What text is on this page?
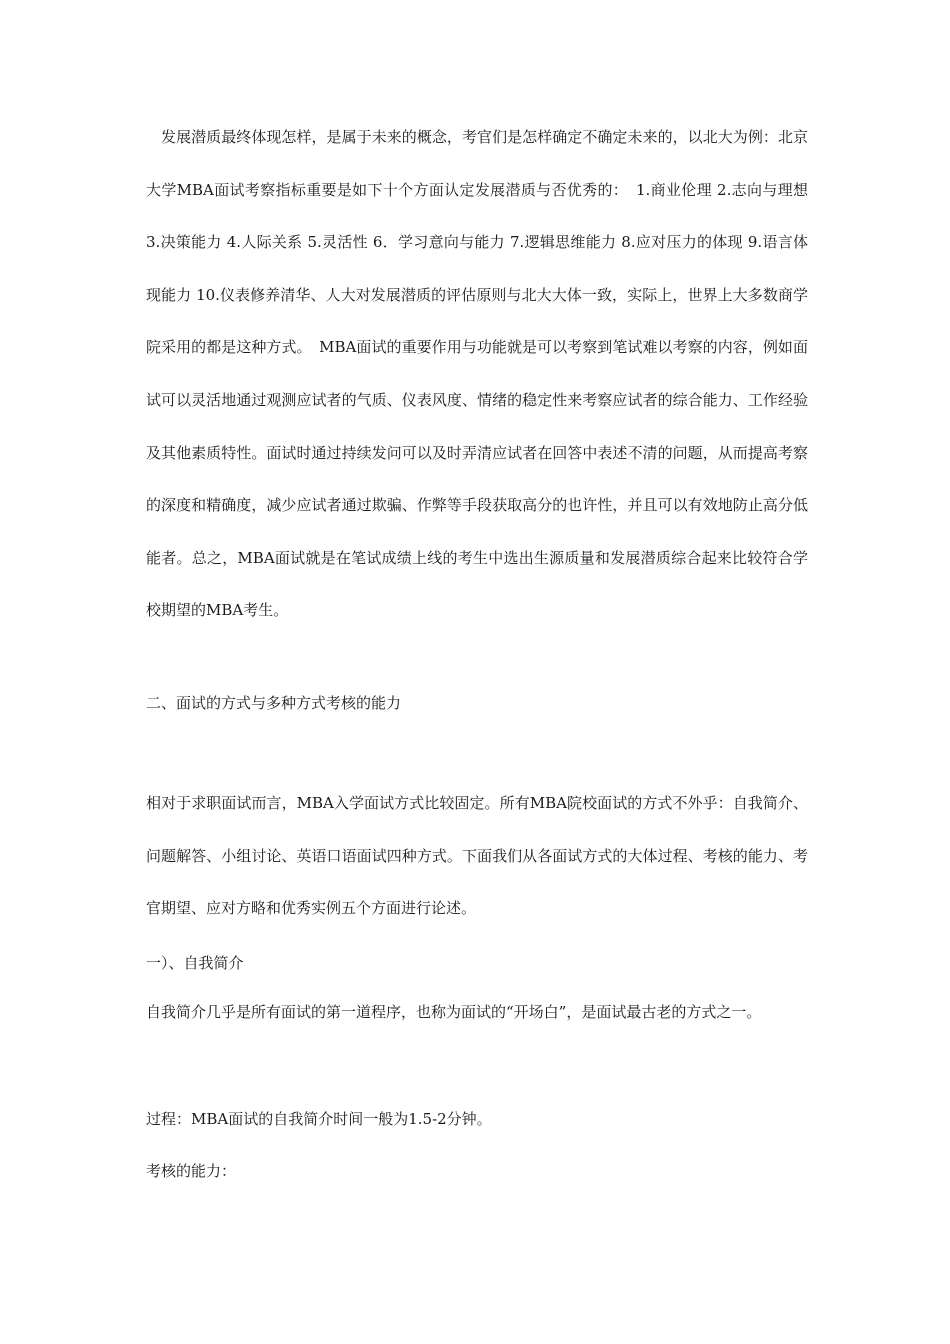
　发展潜质最终体现怎样，是属于未来的概念，考官们是怎样确定不确定未来的，以北大为例：北京大学MBA面试考察指标重要是如下十个方面认定发展潜质与否优秀的：　1.商业伦理 2.志向与理想 3.决策能力 4.人际关系 5.灵活性 6．学习意向与能力 7.逻辑思维能力 8.应对压力的体现 9.语言体现能力 10.仪表修养清华、人大对发展潜质的评估原则与北大大体一致，实际上，世界上大多数商学院采用的都是这种方式。　MBA面试的重要作用与功能就是可以考察到笔试难以考察的内容，例如面试可以灵活地通过观测应试者的气质、仪表风度、情绪的稳定性来考察应试者的综合能力、工作经验及其他素质特性。面试时通过持续发问可以及时弄清应试者在回答中表述不清的问题，从而提高考察的深度和精确度，减少应试者通过欺骗、作弊等手段获取高分的也许性，并且可以有效地防止高分低能者。总之，MBA面试就是在笔试成绩上线的考生中选出生源质量和发展潜质综合起来比较符合学校期望的MBA考生。
二、面试的方式与多种方式考核的能力
相对于求职面试而言，MBA入学面试方式比较固定。所有MBA院校面试的方式不外乎：自我简介、问题解答、小组讨论、英语口语面试四种方式。下面我们从各面试方式的大体过程、考核的能力、考官期望、应对方略和优秀实例五个方面进行论述。
一）、自我简介
自我简介几乎是所有面试的第一道程序，也称为面试的“开场白”，是面试最古老的方式之一。
过程：MBA面试的自我简介时间一般为1.5-2分钟。
考核的能力：
